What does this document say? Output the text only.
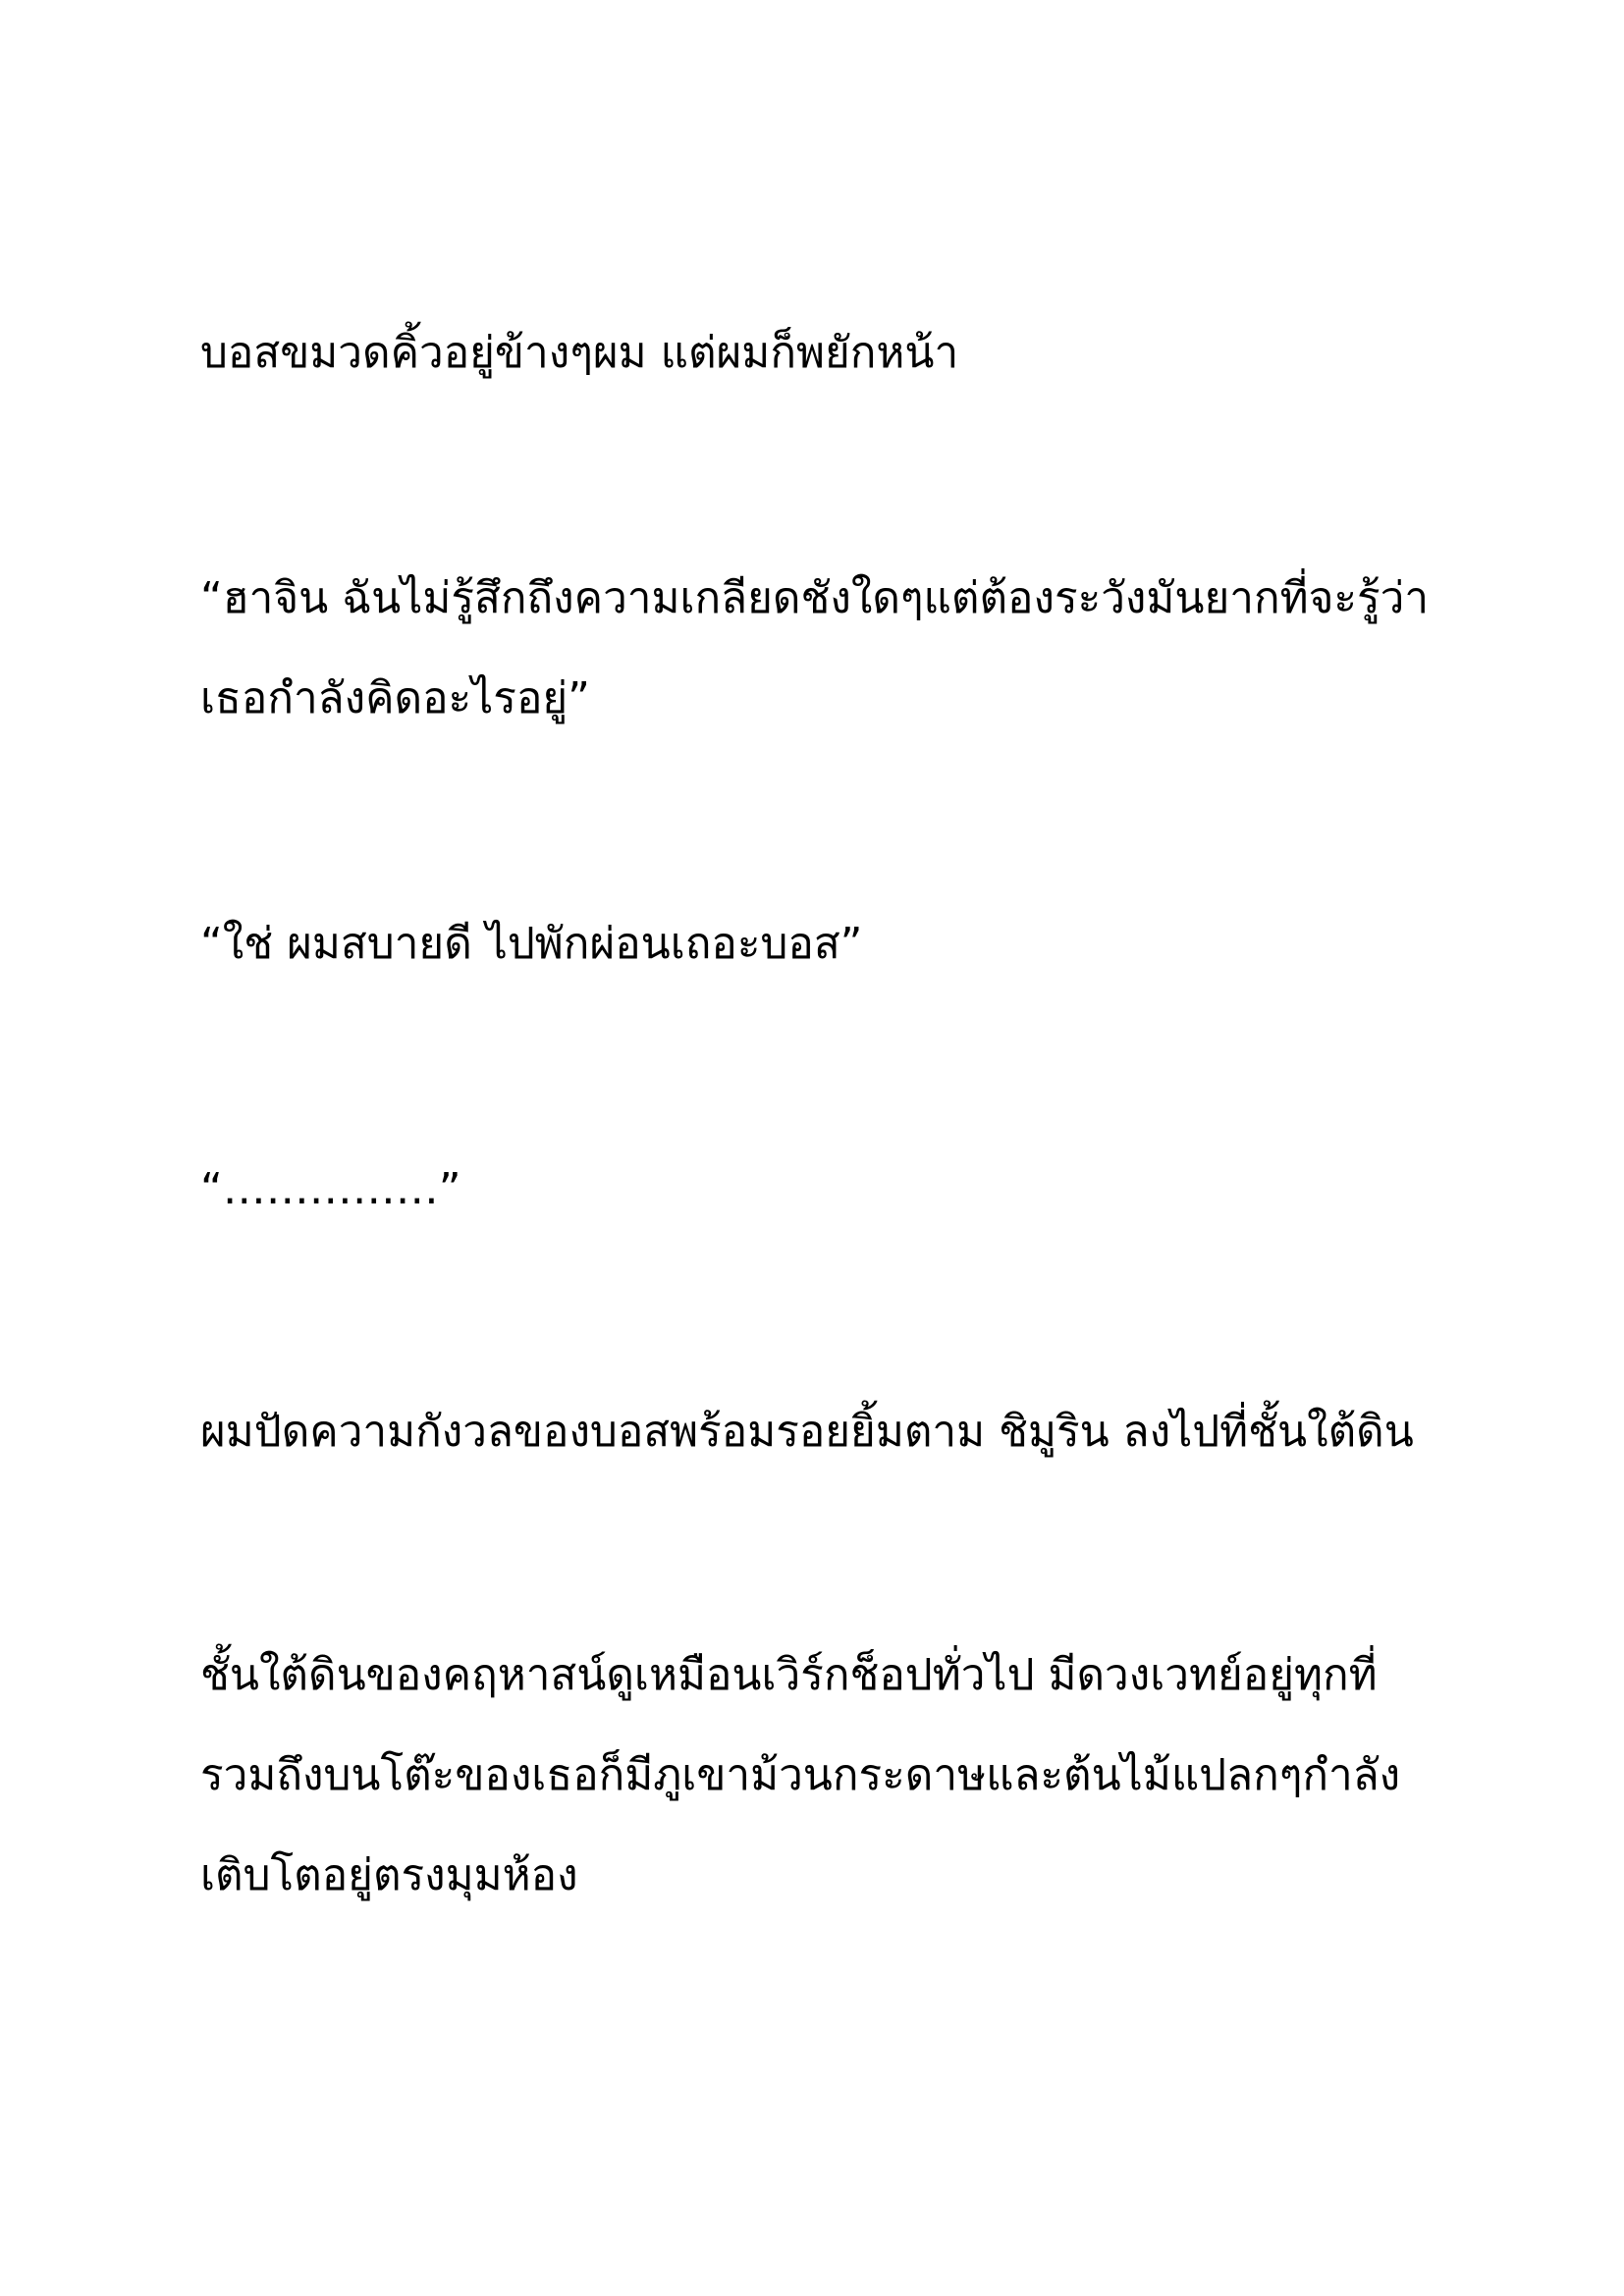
บอสขมวดคิ้วอยู่ข้างๆผม แต่ผมก็พยักหน้า
“ฮาจิน ฉันไม่รู้สึกถึงความเกลียดชังใดๆแต่ต้องระวังมันยากที่จะรู้ว่า
เธอกำลังคิดอะไรอยู่”
“ใช่ ผมสบายดี ไปพักผ่อนเถอะบอส”
“……………”
ผมปัดความกังวลของบอสพร้อมรอยยิ้มตาม ชิมูริน ลงไปที่ชั้นใต้ดิน
ชั้นใต้ดินของคฤหาสน์ดูเหมือนเวิร์กช็อปทั่วไป มีดวงเวทย์อยู่ทุกที่
รวมถึงบนโต๊ะของเธอก็มีภูเขาม้วนกระดาษและต้นไม้แปลกๆกำลัง
เติบโตอยู่ตรงมุมห้อง
